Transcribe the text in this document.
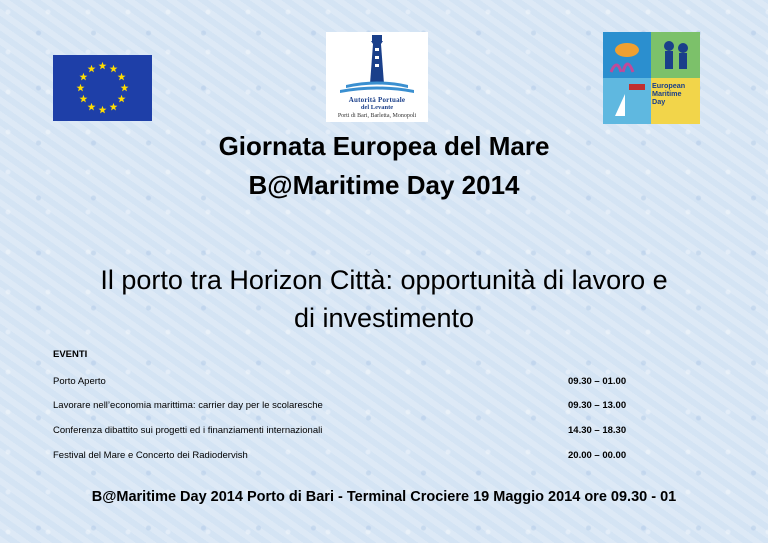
Autorità Portuale
del Levante
Porti di Bari, Barletta, Monopoli
European
Maritime
Day
Giornata Europea del Mare
B@Maritime Day 2014
Il porto tra Horizon Città: opportunità di lavoro e
di investimento
EVENTI
Porto Aperto	09.30 – 01.00
Lavorare nell’economia marittima: carrier day per le scolaresche	09.30 – 13.00
Conferenza dibattito sui progetti ed i finanziamenti internazionali	14.30 – 18.30
Festival del Mare e Concerto dei Radiodervish	20.00 – 00.00
B@Maritime Day 2014 Porto di Bari - Terminal Crociere 19 Maggio 2014 ore 09.30 - 01
